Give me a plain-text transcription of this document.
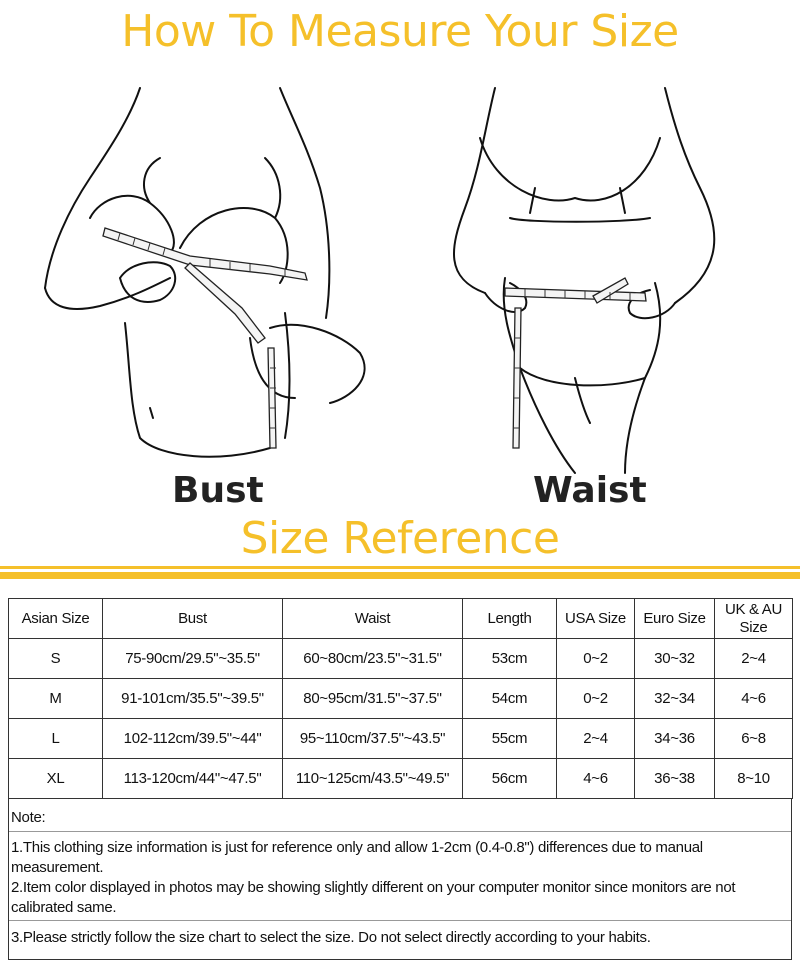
How To Measure Your Size
Bust	Waist
Size Reference
Asian Size	Bust	Waist	Length	USA Size	Euro Size	UK & AU Size
S	75-90cm/29.5"~35.5"	60~80cm/23.5"~31.5"	53cm	0~2	30~32	2~4
M	91-101cm/35.5"~39.5"	80~95cm/31.5"~37.5"	54cm	0~2	32~34	4~6
L	102-112cm/39.5"~44"	95~110cm/37.5"~43.5"	55cm	2~4	34~36	6~8
XL	113-120cm/44"~47.5"	110~125cm/43.5"~49.5"	56cm	4~6	36~38	8~10
Note:
1.This clothing size information is just for reference only and allow 1-2cm (0.4-0.8") differences due to manual measurement.
2.Item color displayed in photos may be showing slightly different on your computer monitor since monitors are not calibrated same.
3.Please strictly follow the size chart to select the size. Do not select directly according to your habits.
